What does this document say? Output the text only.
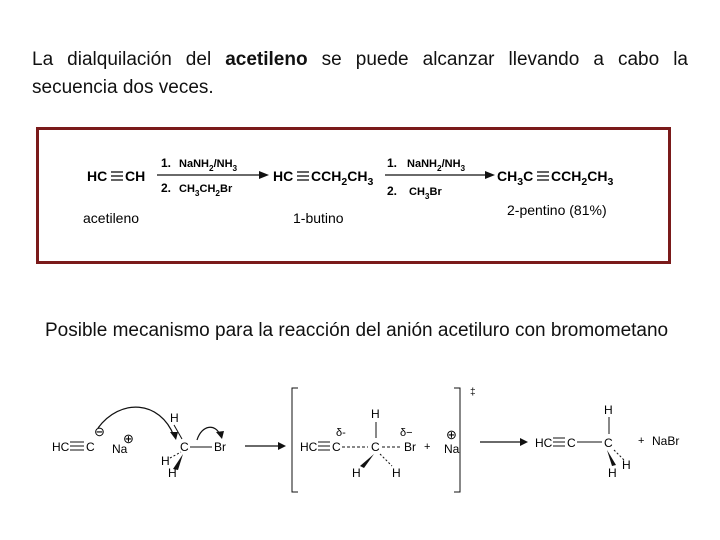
La dialquilación del acetileno se puede alcanzar llevando a cabo la secuencia dos veces.
HC CH
1. $NaNH_2/NH_3$
2. $CH_3CH_2Br$
HC $CCH_2CH_3$
1. $NaNH_2/NH_3$
2. $CH_3Br$
$CH_3C$ $CCH_2CH_3$
acetileno	1-butino	2-pentino (81%)
Posible mecanismo para la reacción del anión acetiluro con bromometano
HC C
⊖ ⊕
Na
H
C Br
H
H
‡
HC C
δ-
C
H
Br
δ−
H	H
+
⊕
Na	HC C C
H
H
H
+ NaBr
